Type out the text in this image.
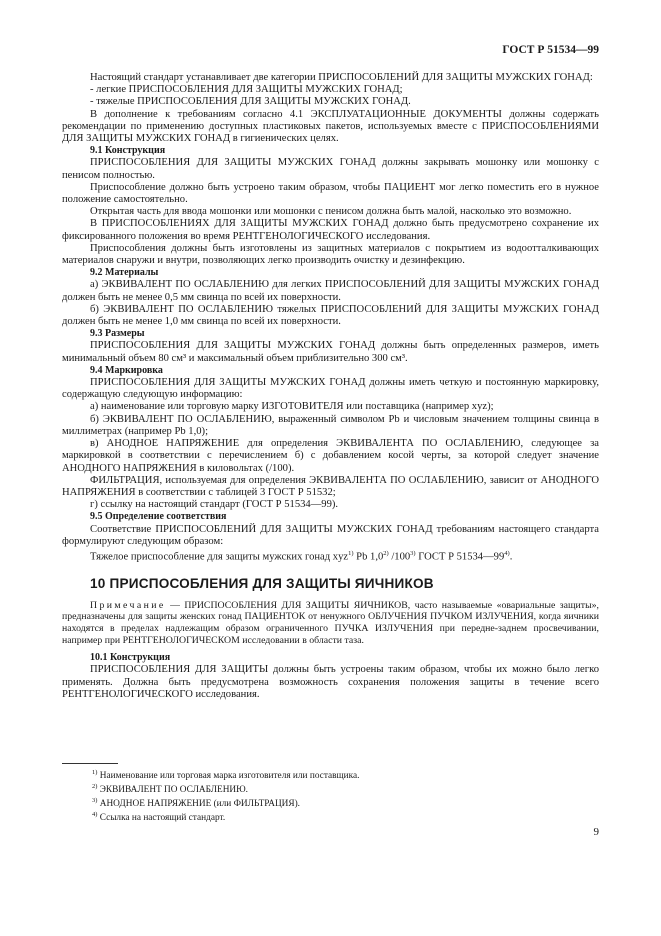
ГОСТ Р 51534—99

Настоящий стандарт устанавливает две категории ПРИСПОСОБЛЕНИЙ ДЛЯ ЗАЩИТЫ МУЖСКИХ ГОНАД:

- легкие ПРИСПОСОБЛЕНИЯ ДЛЯ ЗАЩИТЫ МУЖСКИХ ГОНАД;

- тяжелые ПРИСПОСОБЛЕНИЯ ДЛЯ ЗАЩИТЫ МУЖСКИХ ГОНАД.

В дополнение к требованиям согласно 4.1 ЭКСПЛУАТАЦИОННЫЕ ДОКУМЕНТЫ должны содержать рекомендации по применению доступных пластиковых пакетов, используемых вместе с ПРИСПОСОБЛЕНИЯМИ ДЛЯ ЗАЩИТЫ МУЖСКИХ ГОНАД в гигиенических целях.

9.1 Конструкция

ПРИСПОСОБЛЕНИЯ ДЛЯ ЗАЩИТЫ МУЖСКИХ ГОНАД должны закрывать мошонку или мошонку с пенисом полностью.

Приспособление должно быть устроено таким образом, чтобы ПАЦИЕНТ мог легко поместить его в нужное положение самостоятельно.

Открытая часть для ввода мошонки или мошонки с пенисом должна быть малой, насколько это возможно.

В ПРИСПОСОБЛЕНИЯХ ДЛЯ ЗАЩИТЫ МУЖСКИХ ГОНАД должно быть предусмотрено сохранение их фиксированного положения во время РЕНТГЕНОЛОГИЧЕСКОГО исследования.

Приспособления должны быть изготовлены из защитных материалов с покрытием из водоотталкивающих материалов снаружи и внутри, позволяющих легко производить очистку и дезинфекцию.

9.2 Материалы

а) ЭКВИВАЛЕНТ ПО ОСЛАБЛЕНИЮ для легких ПРИСПОСОБЛЕНИЙ ДЛЯ ЗАЩИТЫ МУЖСКИХ ГОНАД должен быть не менее 0,5 мм свинца по всей их поверхности.

б) ЭКВИВАЛЕНТ ПО ОСЛАБЛЕНИЮ тяжелых ПРИСПОСОБЛЕНИЙ ДЛЯ ЗАЩИТЫ МУЖСКИХ ГОНАД должен быть не менее 1,0 мм свинца по всей их поверхности.

9.3 Размеры

ПРИСПОСОБЛЕНИЯ ДЛЯ ЗАЩИТЫ МУЖСКИХ ГОНАД должны быть определенных размеров, иметь минимальный объем 80 см³ и максимальный объем приблизительно 300 см³.

9.4 Маркировка

ПРИСПОСОБЛЕНИЯ ДЛЯ ЗАЩИТЫ МУЖСКИХ ГОНАД должны иметь четкую и постоянную маркировку, содержащую следующую информацию:

а) наименование или торговую марку ИЗГОТОВИТЕЛЯ или поставщика (например xyz);

б) ЭКВИВАЛЕНТ ПО ОСЛАБЛЕНИЮ, выраженный символом Pb и числовым значением толщины свинца в миллиметрах (например Pb 1,0);

в) АНОДНОЕ НАПРЯЖЕНИЕ для определения ЭКВИВАЛЕНТА ПО ОСЛАБЛЕНИЮ, следующее за маркировкой в соответствии с перечислением б) с добавлением косой черты, за которой следует значение АНОДНОГО НАПРЯЖЕНИЯ в киловольтах (/100).

ФИЛЬТРАЦИЯ, используемая для определения ЭКВИВАЛЕНТА ПО ОСЛАБЛЕНИЮ, зависит от АНОДНОГО НАПРЯЖЕНИЯ в соответствии с таблицей 3 ГОСТ Р 51532;

г) ссылку на настоящий стандарт (ГОСТ Р 51534—99).

9.5 Определение соответствия

Соответствие ПРИСПОСОБЛЕНИЙ ДЛЯ ЗАЩИТЫ МУЖСКИХ ГОНАД требованиям настоящего стандарта формулируют следующим образом:

Тяжелое приспособление для защиты мужских гонад xyz$^{1)}$ Pb 1,0$^{2)}$ /100$^{3)}$ ГОСТ Р 51534—99$^{4)}$.

10 ПРИСПОСОБЛЕНИЯ ДЛЯ ЗАЩИТЫ ЯИЧНИКОВ

Примечание — ПРИСПОСОБЛЕНИЯ ДЛЯ ЗАЩИТЫ ЯИЧНИКОВ, часто называемые «овариальные защиты», предназначены для защиты женских гонад ПАЦИЕНТОК от ненужного ОБЛУЧЕНИЯ ПУЧКОМ ИЗЛУЧЕНИЯ, когда яичники находятся в пределах надлежащим образом ограниченного ПУЧКА ИЗЛУЧЕНИЯ при передне-заднем просвечивании, например при РЕНТГЕНОЛОГИЧЕСКОМ исследовании в области таза.

10.1 Конструкция

ПРИСПОСОБЛЕНИЯ ДЛЯ ЗАЩИТЫ должны быть устроены таким образом, чтобы их можно было легко применять. Должна быть предусмотрена возможность сохранения положения защиты в течение всего РЕНТГЕНОЛОГИЧЕСКОГО исследования.

$^{1)}$ Наименование или торговая марка изготовителя или поставщика.
$^{2)}$ ЭКВИВАЛЕНТ ПО ОСЛАБЛЕНИЮ.
$^{3)}$ АНОДНОЕ НАПРЯЖЕНИЕ (или ФИЛЬТРАЦИЯ).
$^{4)}$ Ссылка на настоящий стандарт.
9
